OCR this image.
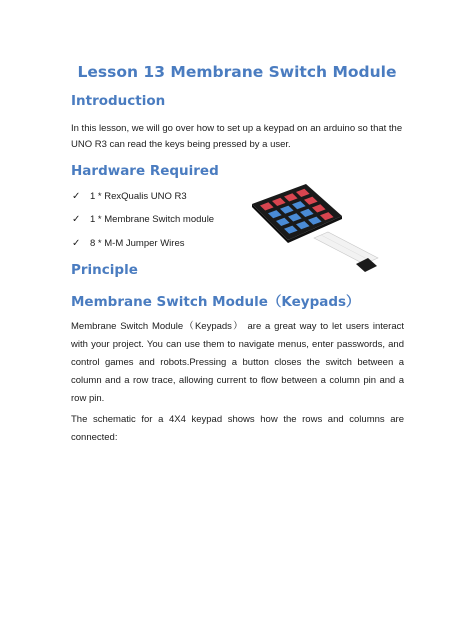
Lesson 13 Membrane Switch Module
Introduction
In this lesson, we will go over how to set up a keypad on an arduino so that the
UNO R3 can read the keys being pressed by a user.
Hardware Required
✓	1 * RexQualis UNO R3
✓	1 * Membrane Switch module
✓	8 * M-M Jumper Wires
Principle
Membrane Switch Module（Keypads）
Membrane Switch Module（Keypads） are a great way to let users interact with your project. You can use them to navigate menus, enter passwords, and control games and robots.Pressing a button closes the switch between a column and a row trace, allowing current to flow between a column pin and a row pin.
The schematic for a 4X4 keypad shows how the rows and columns are connected:
